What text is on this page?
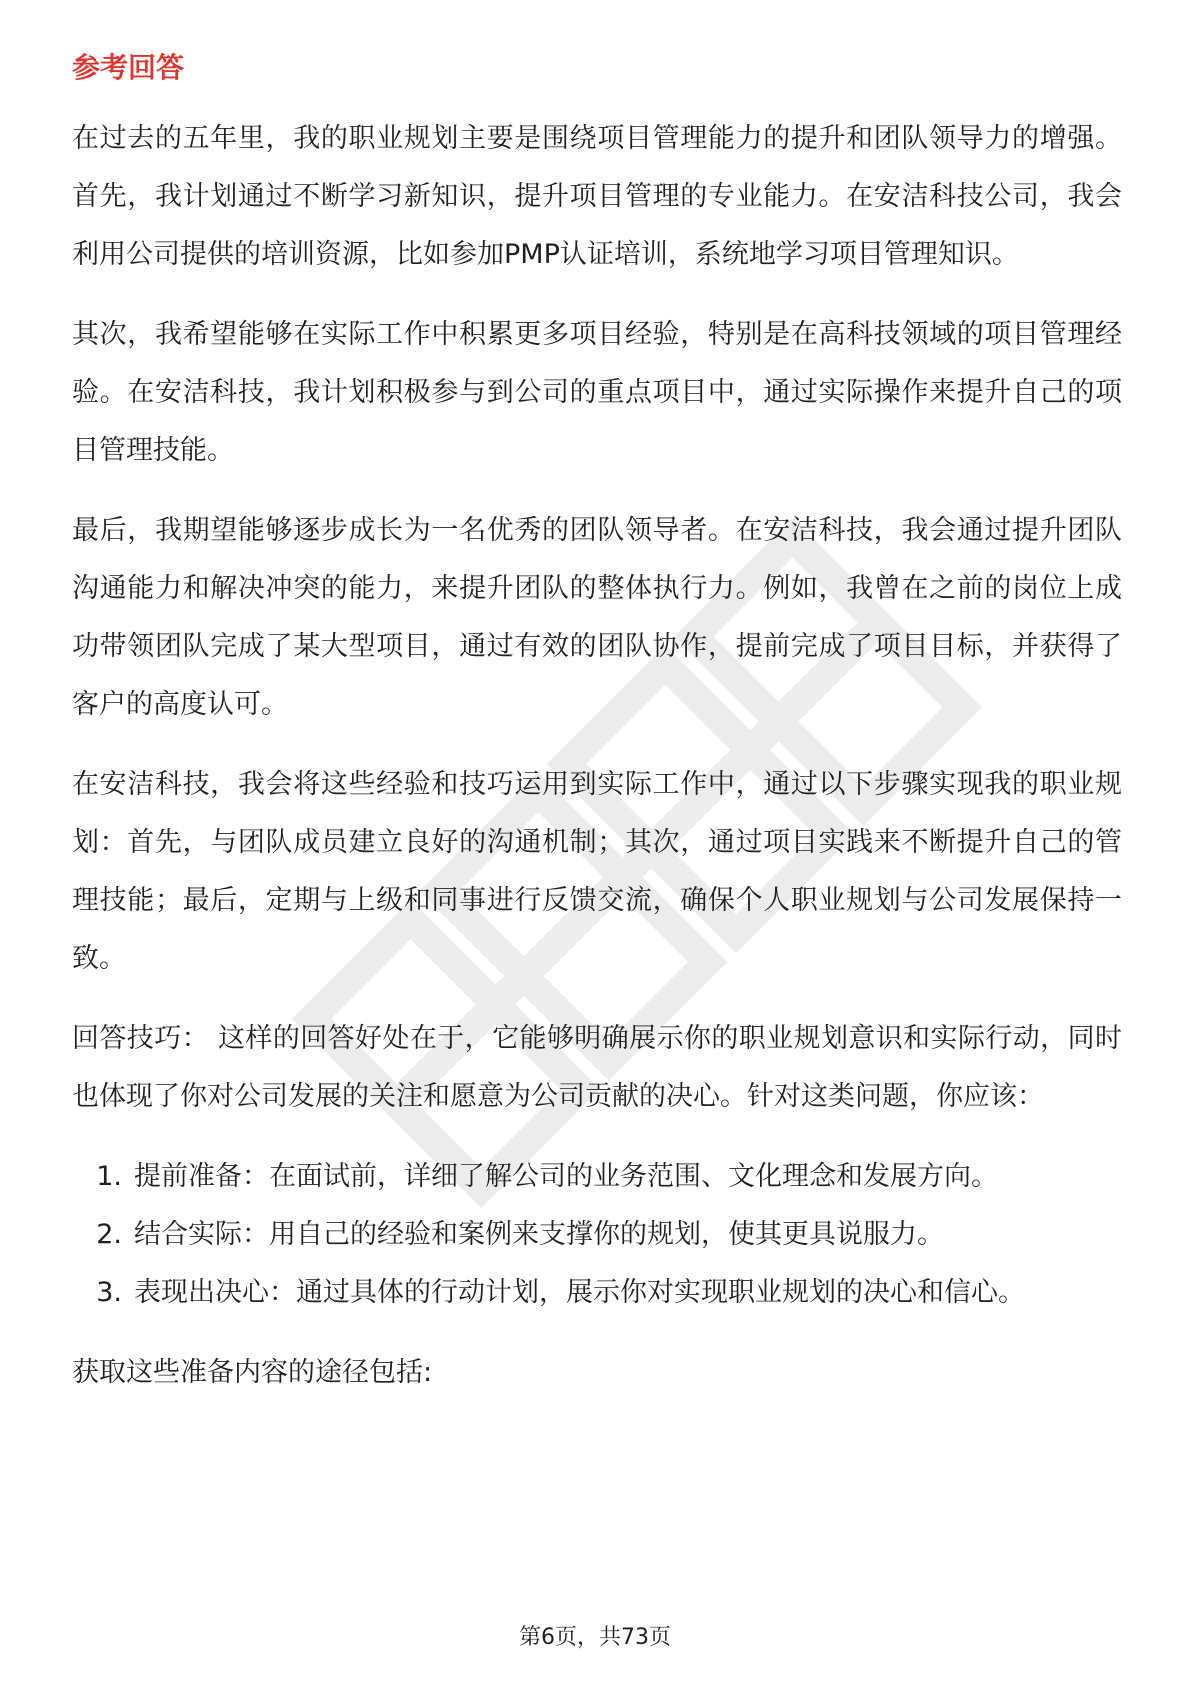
参考回答

在过去的五年里，我的职业规划主要是围绕项目管理能力的提升和团队领导力的增强。首先，我计划通过不断学习新知识，提升项目管理的专业能力。在安洁科技公司，我会利用公司提供的培训资源，比如参加PMP认证培训，系统地学习项目管理知识。

其次，我希望能够在实际工作中积累更多项目经验，特别是在高科技领域的项目管理经验。在安洁科技，我计划积极参与到公司的重点项目中，通过实际操作来提升自己的项目管理技能。

最后，我期望能够逐步成长为一名优秀的团队领导者。在安洁科技，我会通过提升团队沟通能力和解决冲突的能力，来提升团队的整体执行力。例如，我曾在之前的岗位上成功带领团队完成了某大型项目，通过有效的团队协作，提前完成了项目目标，并获得了客户的高度认可。

在安洁科技，我会将这些经验和技巧运用到实际工作中，通过以下步骤实现我的职业规划：首先，与团队成员建立良好的沟通机制；其次，通过项目实践来不断提升自己的管理技能；最后，定期与上级和同事进行反馈交流，确保个人职业规划与公司发展保持一致。

回答技巧： 这样的回答好处在于，它能够明确展示你的职业规划意识和实际行动，同时也体现了你对公司发展的关注和愿意为公司贡献的决心。针对这类问题，你应该：

1. 提前准备：在面试前，详细了解公司的业务范围、文化理念和发展方向。
2. 结合实际：用自己的经验和案例来支撑你的规划，使其更具说服力。
3. 表现出决心：通过具体的行动计划，展示你对实现职业规划的决心和信心。

获取这些准备内容的途径包括:

第6页，共73页
